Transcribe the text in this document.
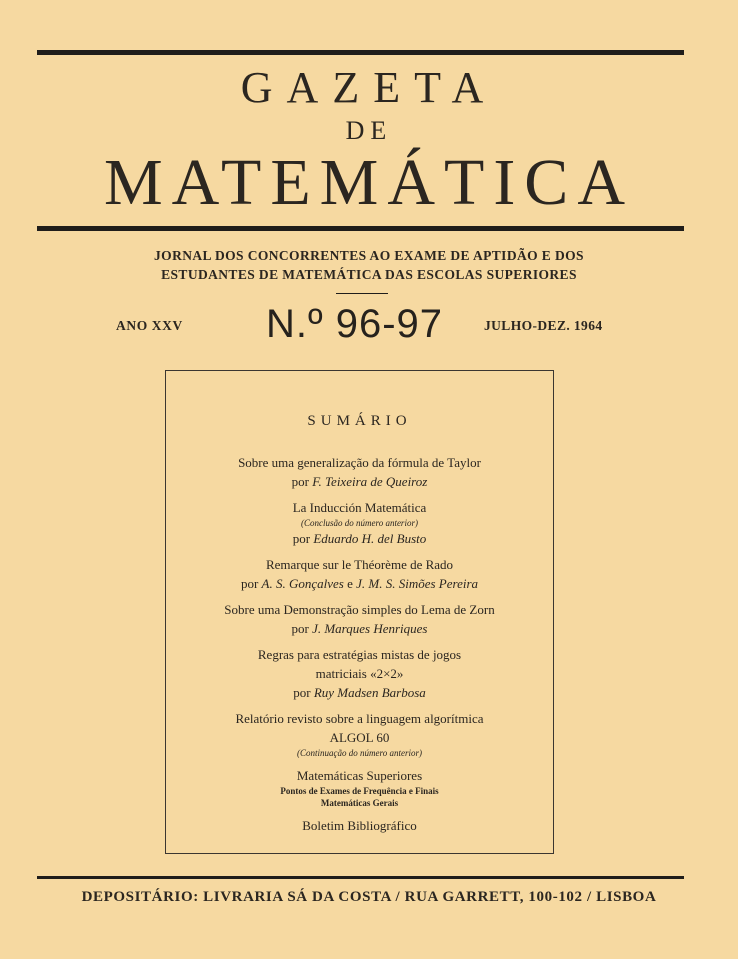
GAZETA
DE
MATEMÁTICA
JORNAL DOS CONCORRENTES AO EXAME DE APTIDÃO E DOS
ESTUDANTES DE MATEMÁTICA DAS ESCOLAS SUPERIORES
ANO XXV N.º 96-97	JULHO-DEZ. 1964
SUMÁRIO
Sobre uma generalização da fórmula de Taylor
por F. Teixeira de Queiroz
La Inducción Matemática
(Conclusão do número anterior)
por Eduardo H. del Busto
Remarque sur le Théorème de Rado
por A. S. Gonçalves e J. M. S. Simões Pereira
Sobre uma Demonstração simples do Lema de Zorn
por J. Marques Henriques
Regras para estratégias mistas de jogos
matriciais «2×2»
por Ruy Madsen Barbosa
Relatório revisto sobre a linguagem algorítmica
ALGOL 60
(Continuação do número anterior)
Matemáticas Superiores
Pontos de Exames de Frequência e Finais
Matemáticas Gerais
Boletim Bibliográfico
DEPOSITÁRIO: LIVRARIA SÁ DA COSTA / RUA GARRETT, 100-102 / LISBOA
